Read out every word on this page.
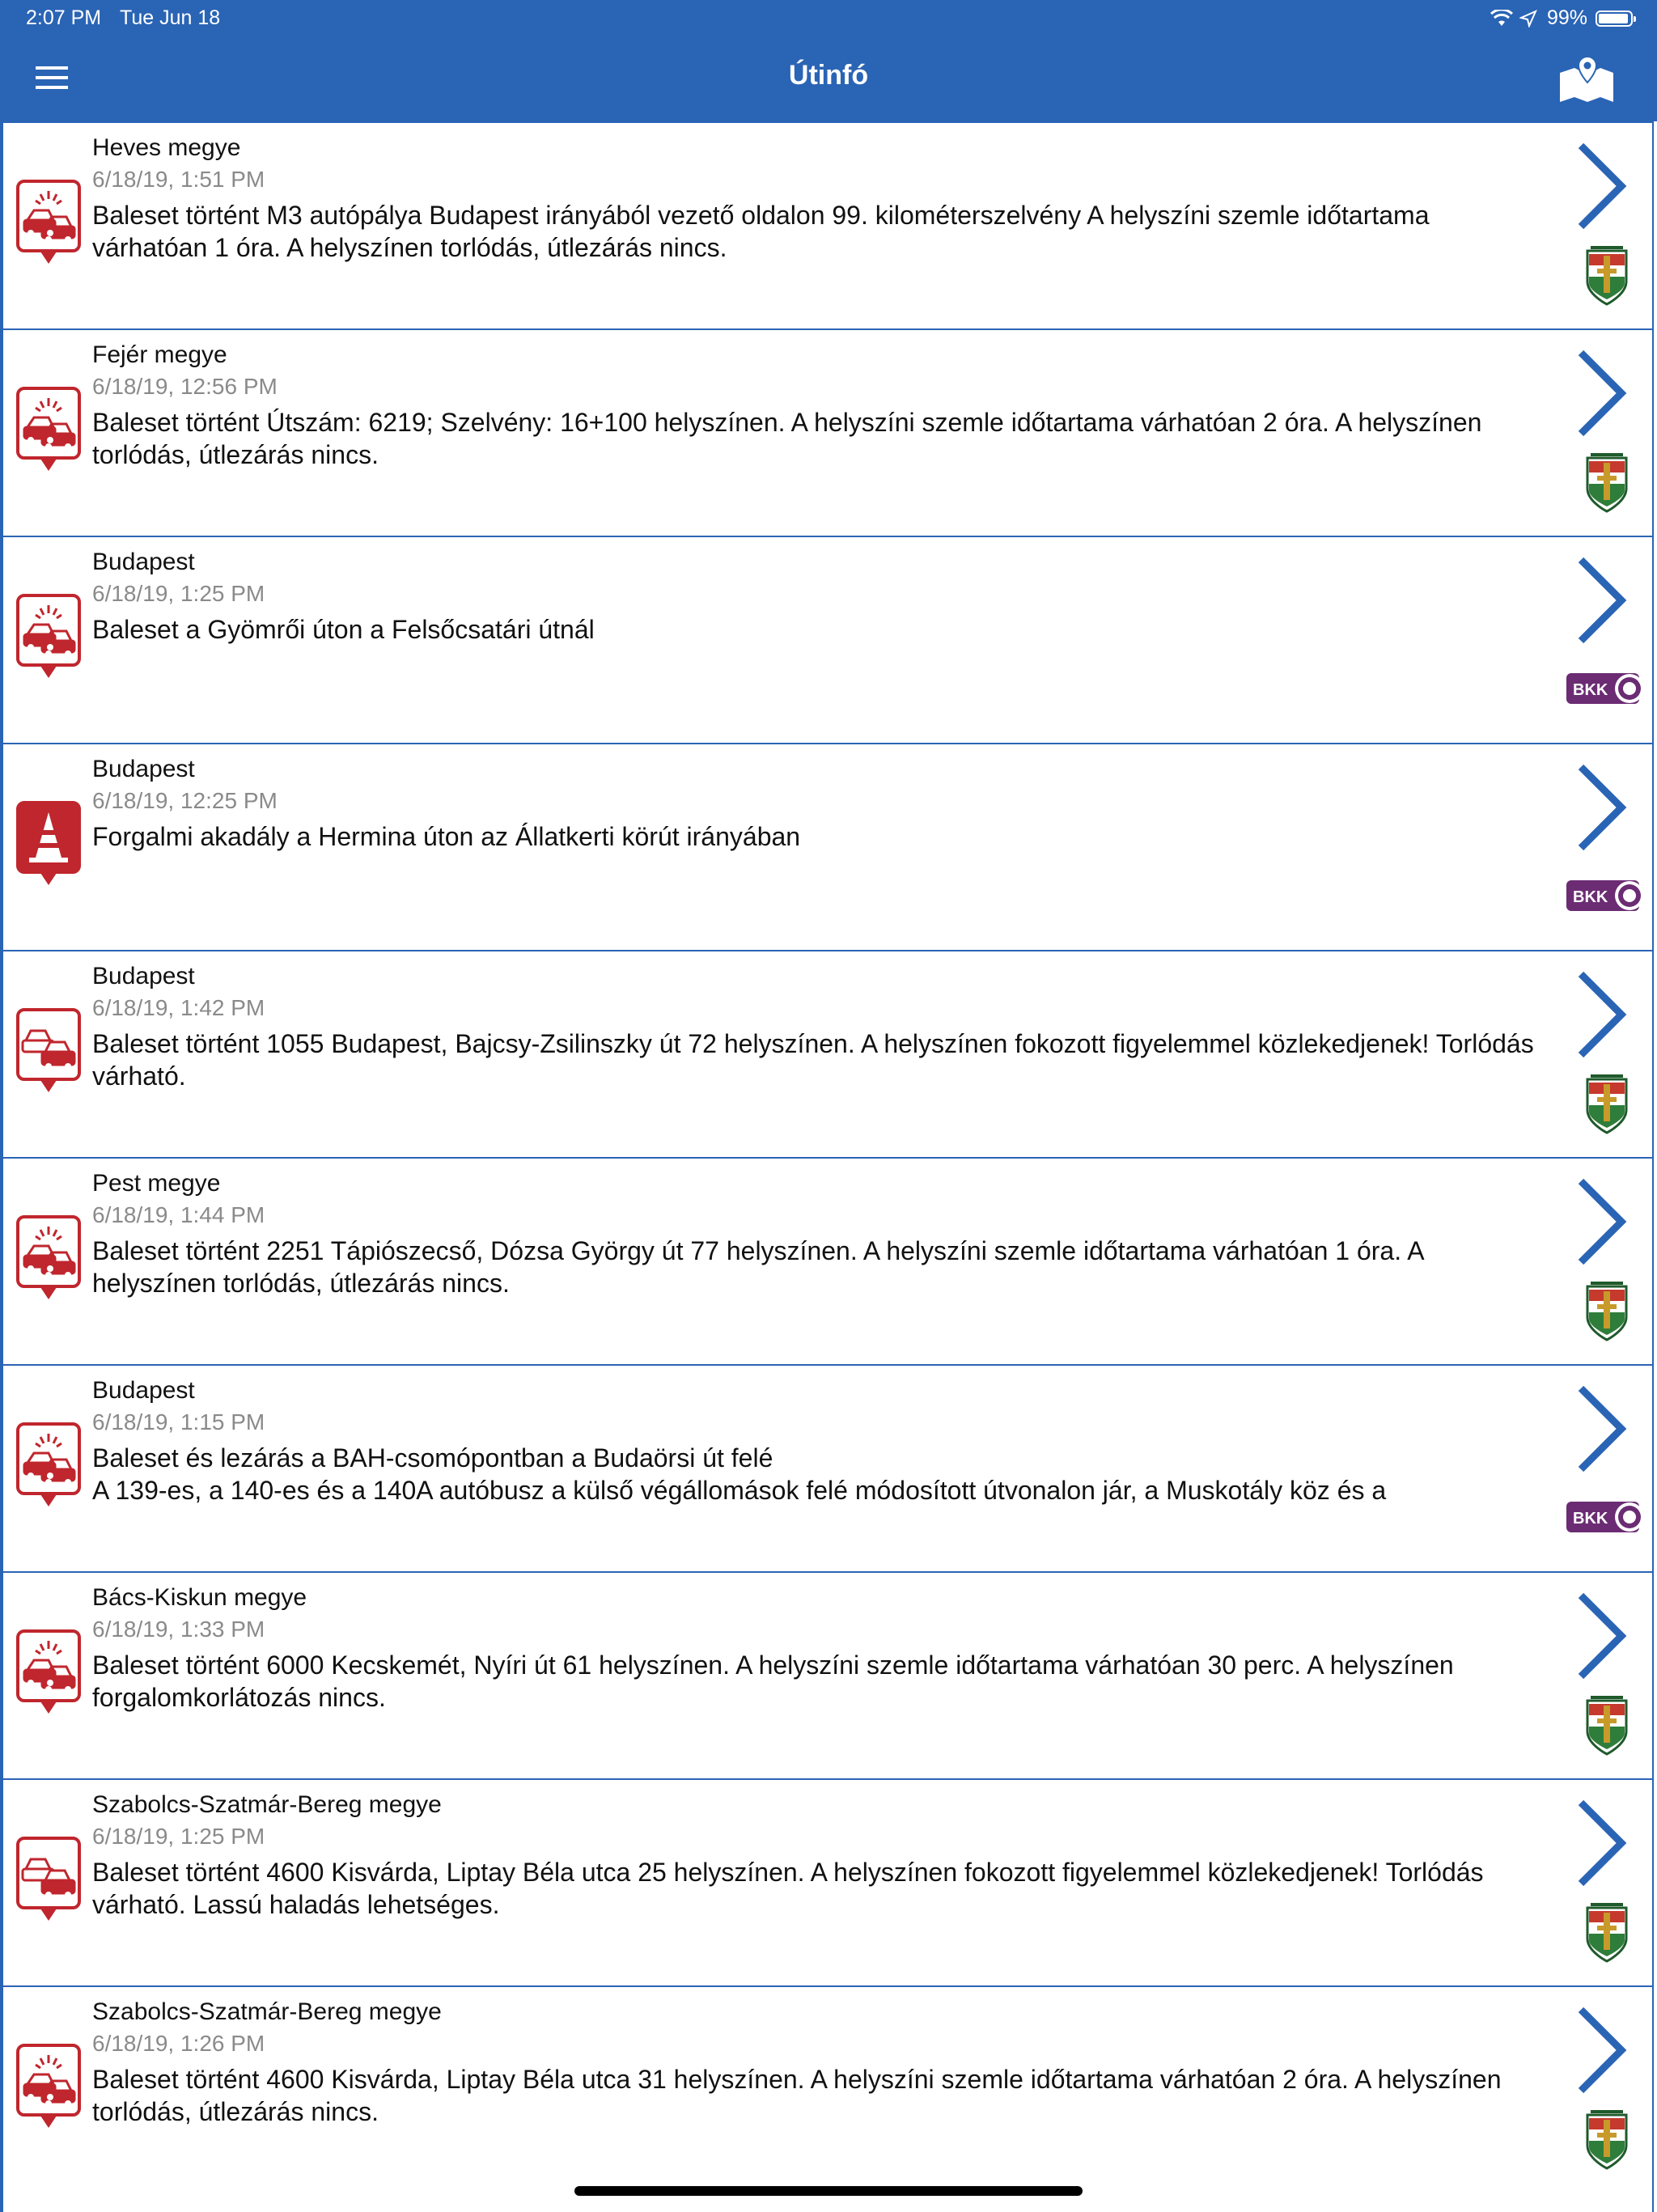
2:07 PM Tue Jun 18	99%
Útinfó
Heves megye
6/18/19, 1:51 PM
Baleset történt M3 autópálya Budapest irányából vezető oldalon 99. kilométerszelvény A helyszíni szemle időtartama várhatóan 1 óra. A helyszínen torlódás, útlezárás nincs.
Fejér megye
6/18/19, 12:56 PM
Baleset történt Útszám: 6219; Szelvény: 16+100 helyszínen. A helyszíni szemle időtartama várhatóan 2 óra. A helyszínen torlódás, útlezárás nincs.
Budapest
6/18/19, 1:25 PM
Baleset a Gyömrői úton a Felsőcsatári útnál
BKK
Budapest
6/18/19, 12:25 PM
Forgalmi akadály a Hermina úton az Állatkerti körút irányában
BKK
Budapest
6/18/19, 1:42 PM
Baleset történt 1055 Budapest, Bajcsy-Zsilinszky út 72 helyszínen. A helyszínen fokozott figyelemmel közlekedjenek! Torlódás várható.
Pest megye
6/18/19, 1:44 PM
Baleset történt 2251 Tápiószecső, Dózsa György út 77 helyszínen. A helyszíni szemle időtartama várhatóan 1 óra. A helyszínen torlódás, útlezárás nincs.
Budapest
6/18/19, 1:15 PM
Baleset és lezárás a BAH-csomópontban a Budaörsi út felé
A 139-es, a 140-es és a 140A autóbusz a külső végállomások felé módosított útvonalon jár, a Muskotály köz és a
BKK
Bács-Kiskun megye
6/18/19, 1:33 PM
Baleset történt 6000 Kecskemét, Nyíri út 61 helyszínen. A helyszíni szemle időtartama várhatóan 30 perc. A helyszínen forgalomkorlátozás nincs.
Szabolcs-Szatmár-Bereg megye
6/18/19, 1:25 PM
Baleset történt 4600 Kisvárda, Liptay Béla utca 25 helyszínen. A helyszínen fokozott figyelemmel közlekedjenek! Torlódás várható. Lassú haladás lehetséges.
Szabolcs-Szatmár-Bereg megye
6/18/19, 1:26 PM
Baleset történt 4600 Kisvárda, Liptay Béla utca 31 helyszínen. A helyszíni szemle időtartama várhatóan 2 óra. A helyszínen torlódás, útlezárás nincs.
